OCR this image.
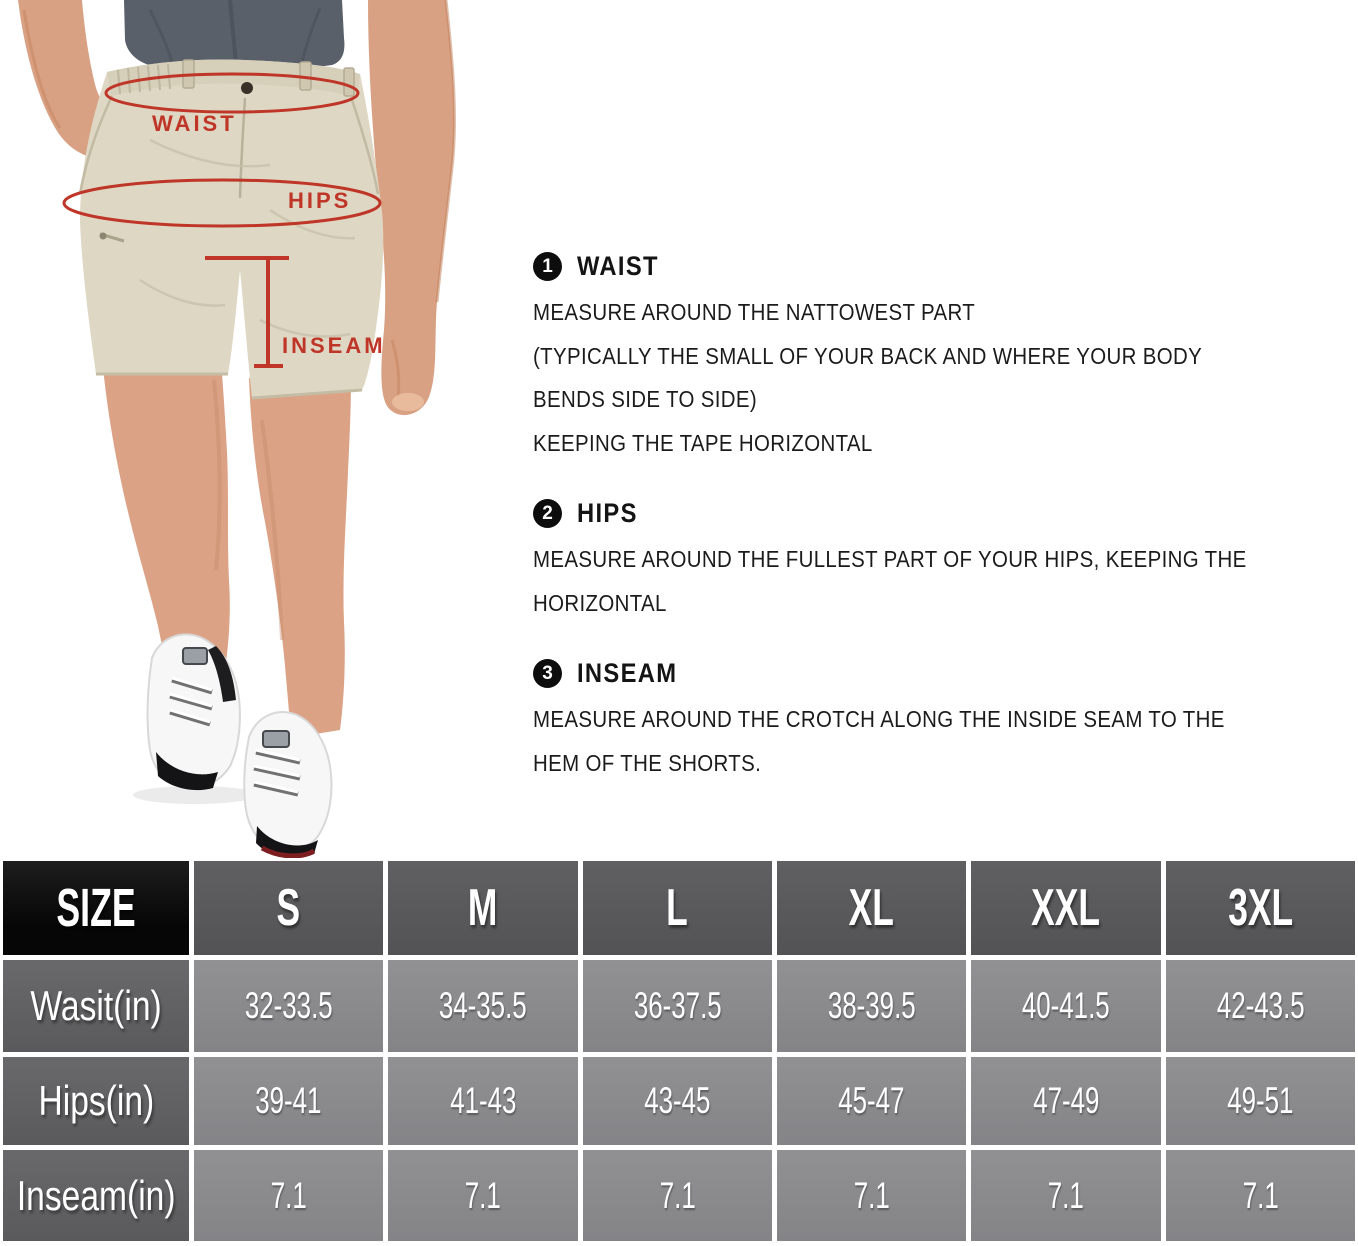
WAIST
HIPS
INSEAM
1 WAIST
MEASURE AROUND THE NATTOWEST PART
(TYPICALLY THE SMALL OF YOUR BACK AND WHERE YOUR BODY
BENDS SIDE TO SIDE)
KEEPING THE TAPE HORIZONTAL
2 HIPS
MEASURE AROUND THE FULLEST PART OF YOUR HIPS, KEEPING THE
HORIZONTAL
3 INSEAM
MEASURE AROUND THE CROTCH ALONG THE INSIDE SEAM TO THE
HEM OF THE SHORTS.
SIZE	S	M	L	XL	XXL 3XL
Wasit(in) 32-33.5	34-35.5	36-37.5	38-39.5	40-41.5	42-43.5
Hips(in)	39-41	41-43	43-45	45-47	47-49	49-51
Inseam(in)	7.1	7.1	7.1	7.1	7.1	7.1
